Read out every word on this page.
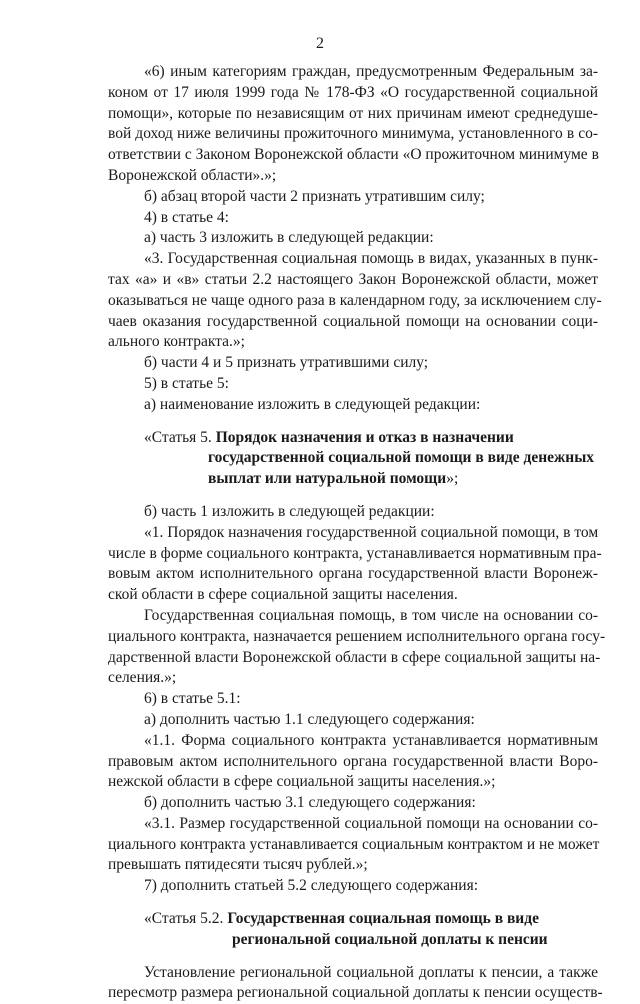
2
«6) иным категориям граждан, предусмотренным Федеральным за-
коном от 17 июля 1999 года № 178-ФЗ «О государственной социальной
помощи», которые по независящим от них причинам имеют среднедуше-
вой доход ниже величины прожиточного минимума, установленного в со-
ответствии с Законом Воронежской области «О прожиточном минимуме в
Воронежской области».»;
б) абзац второй части 2 признать утратившим силу;
4) в статье 4:
а) часть 3 изложить в следующей редакции:
«3. Государственная социальная помощь в видах, указанных в пунк-
тах «а» и «в» статьи 2.2 настоящего Закон Воронежской области, может
оказываться не чаще одного раза в календарном году, за исключением слу-
чаев оказания государственной социальной помощи на основании соци-
ального контракта.»;
б) части 4 и 5 признать утратившими силу;
5) в статье 5:
а) наименование изложить в следующей редакции:
«Статья 5. Порядок назначения и отказ в назначении
государственной социальной помощи в виде денежных
выплат или натуральной помощи»;
б) часть 1 изложить в следующей редакции:
«1. Порядок назначения государственной социальной помощи, в том
числе в форме социального контракта, устанавливается нормативным пра-
вовым актом исполнительного органа государственной власти Воронеж-
ской области в сфере социальной защиты населения.
Государственная социальная помощь, в том числе на основании со-
циального контракта, назначается решением исполнительного органа госу-
дарственной власти Воронежской области в сфере социальной защиты на-
селения.»;
6) в статье 5.1:
а) дополнить частью 1.1 следующего содержания:
«1.1. Форма социального контракта устанавливается нормативным
правовым актом исполнительного органа государственной власти Воро-
нежской области в сфере социальной защиты населения.»;
б) дополнить частью 3.1 следующего содержания:
«3.1. Размер государственной социальной помощи на основании со-
циального контракта устанавливается социальным контрактом и не может
превышать пятидесяти тысяч рублей.»;
7) дополнить статьей 5.2 следующего содержания:
«Статья 5.2. Государственная социальная помощь в виде
региональной социальной доплаты к пенсии
Установление региональной социальной доплаты к пенсии, а также
пересмотр размера региональной социальной доплаты к пенсии осуществ-
